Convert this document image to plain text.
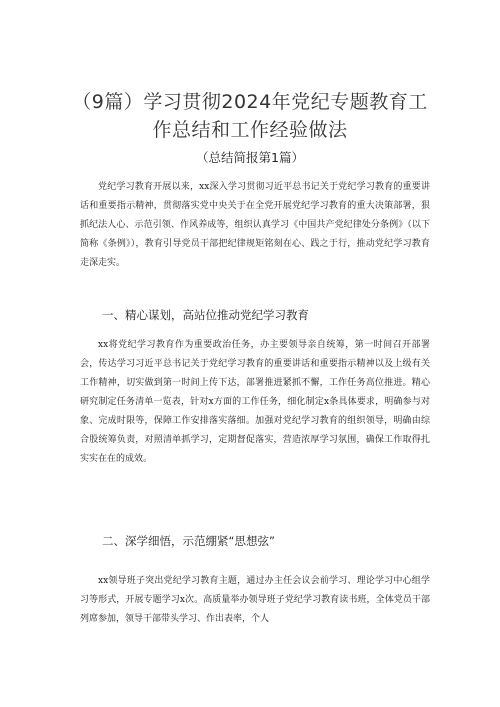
（9篇）学习贯彻2024年党纪专题教育工
作总结和工作经验做法
（总结简报第1篇）
党纪学习教育开展以来，xx深入学习贯彻习近平总书记关于党纪学习教育的重要讲话和重要指示精神，贯彻落实党中央关于在全党开展党纪学习教育的重大决策部署，狠抓纪法人心、示范引领、作风养成等，组织认真学习《中国共产党纪律处分条例》（以下简称《条例》），教育引导党员干部把纪律规矩铭刻在心、践之于行，推动党纪学习教育走深走实。
一、精心谋划，高站位推动党纪学习教育
xx将党纪学习教育作为重要政治任务，办主要领导亲自统筹，第一时间召开部署会，传达学习习近平总书记关于党纪学习教育的重要讲话和重要指示精神以及上级有关工作精神，切实做到第一时间上传下达，部署推进紧抓不懈，工作任务高位推进。精心研究制定任务清单一览表，针对x方面的工作任务，细化制定x条具体要求，明确参与对象、完成时限等，保障工作安排落实落细。加强对党纪学习教育的组织领导，明确由综合股统筹负责，对照清单抓学习，定期督促落实，营造浓厚学习氛围，确保工作取得扎实实在在的成效。
二、深学细悟，示范绷紧“思想弦”
xx领导班子突出党纪学习教育主题，通过办主任会议会前学习、理论学习中心组学习等形式，开展专题学习x次。高质量举办领导班子党纪学习教育读书班，全体党员干部列席参加，领导干部带头学习、作出表率，个人
